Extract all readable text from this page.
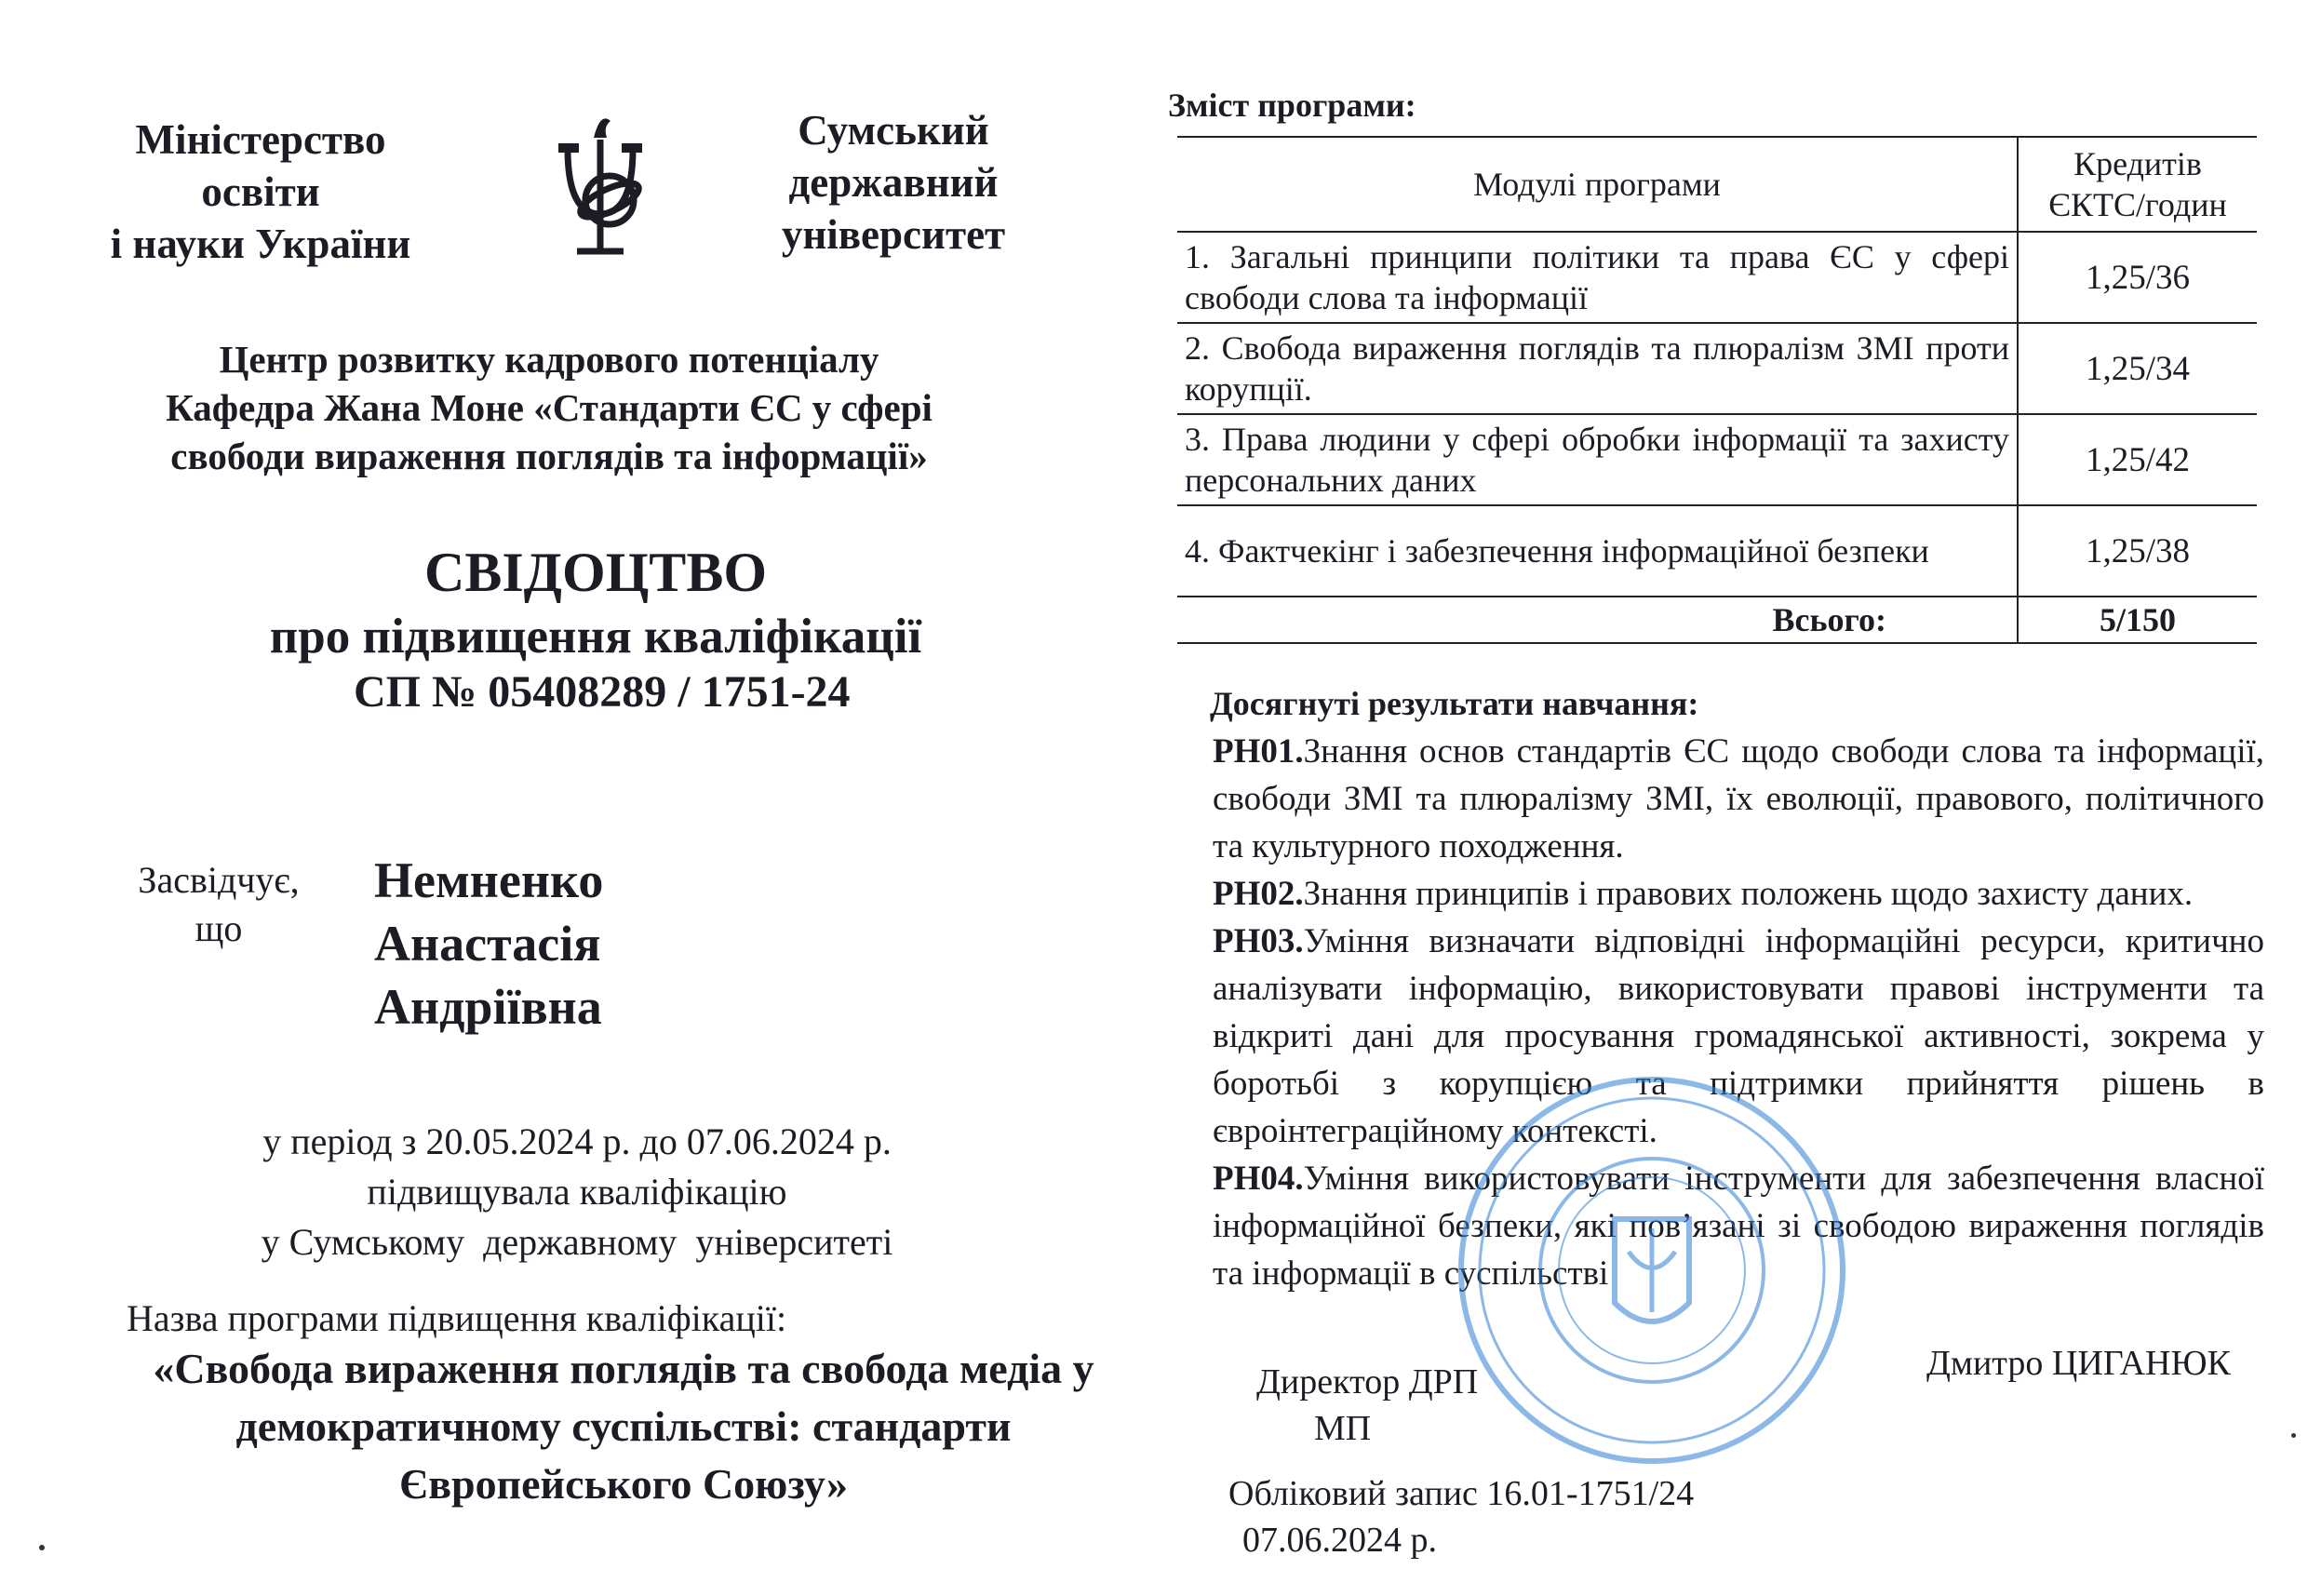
Міністерство
освіти
і науки України
Сумський
державний
університет
Центр розвитку кадрового потенціалу
Кафедра Жана Моне «Стандарти ЄС у сфері
свободи вираження поглядів та інформації»
СВІДОЦТВО
про підвищення кваліфікації
СП № 05408289 / 1751-24
Засвідчує,
що
Немненко
Анастасія
Андріївна
у період з 20.05.2024 р. до 07.06.2024 р.
підвищувала кваліфікацію
у Сумському  державному  університеті
Назва програми підвищення кваліфікації:
«Свобода вираження поглядів та свобода медіа у
демократичному суспільстві: стандарти
Європейського Союзу»
Зміст програми:
Модулі програми	Кредитів
ЄКТС/годин

1. Загальні принципи політики та права ЄС у сфері свободи слова та інформації	1,25/36
2. Свобода вираження поглядів та плюралізм ЗМІ проти корупції.	1,25/34
3. Права людини у сфері обробки інформації та захисту персональних даних	1,25/42
4. Фактчекінг і забезпечення інформаційної безпеки	1,25/38
Всього:	5/150
Досягнуті результати навчання:

РН01.Знання основ стандартів ЄС щодо свободи слова та інформації, свободи ЗМІ та плюралізму ЗМІ, їх еволюції, правового, політичного та культурного походження.

РН02.Знання принципів і правових положень щодо захисту даних.

РН03.Уміння визначати відповідні інформаційні ресурси, критично аналізувати інформацію, використовувати правові інструменти та відкриті дані для просування громадянської активності, зокрема у боротьбі з корупцією та підтримки прийняття рішень в євроінтеграційному контексті.

РН04.Уміння використовувати інструменти для забезпечення власної інформаційної безпеки, які пов’язані зі свободою вираження поглядів та інформації в суспільстві

Директор ДРП
МП
Дмитро ЦИГАНЮК
Обліковий запис 16.01-1751/24
07.06.2024 р.
